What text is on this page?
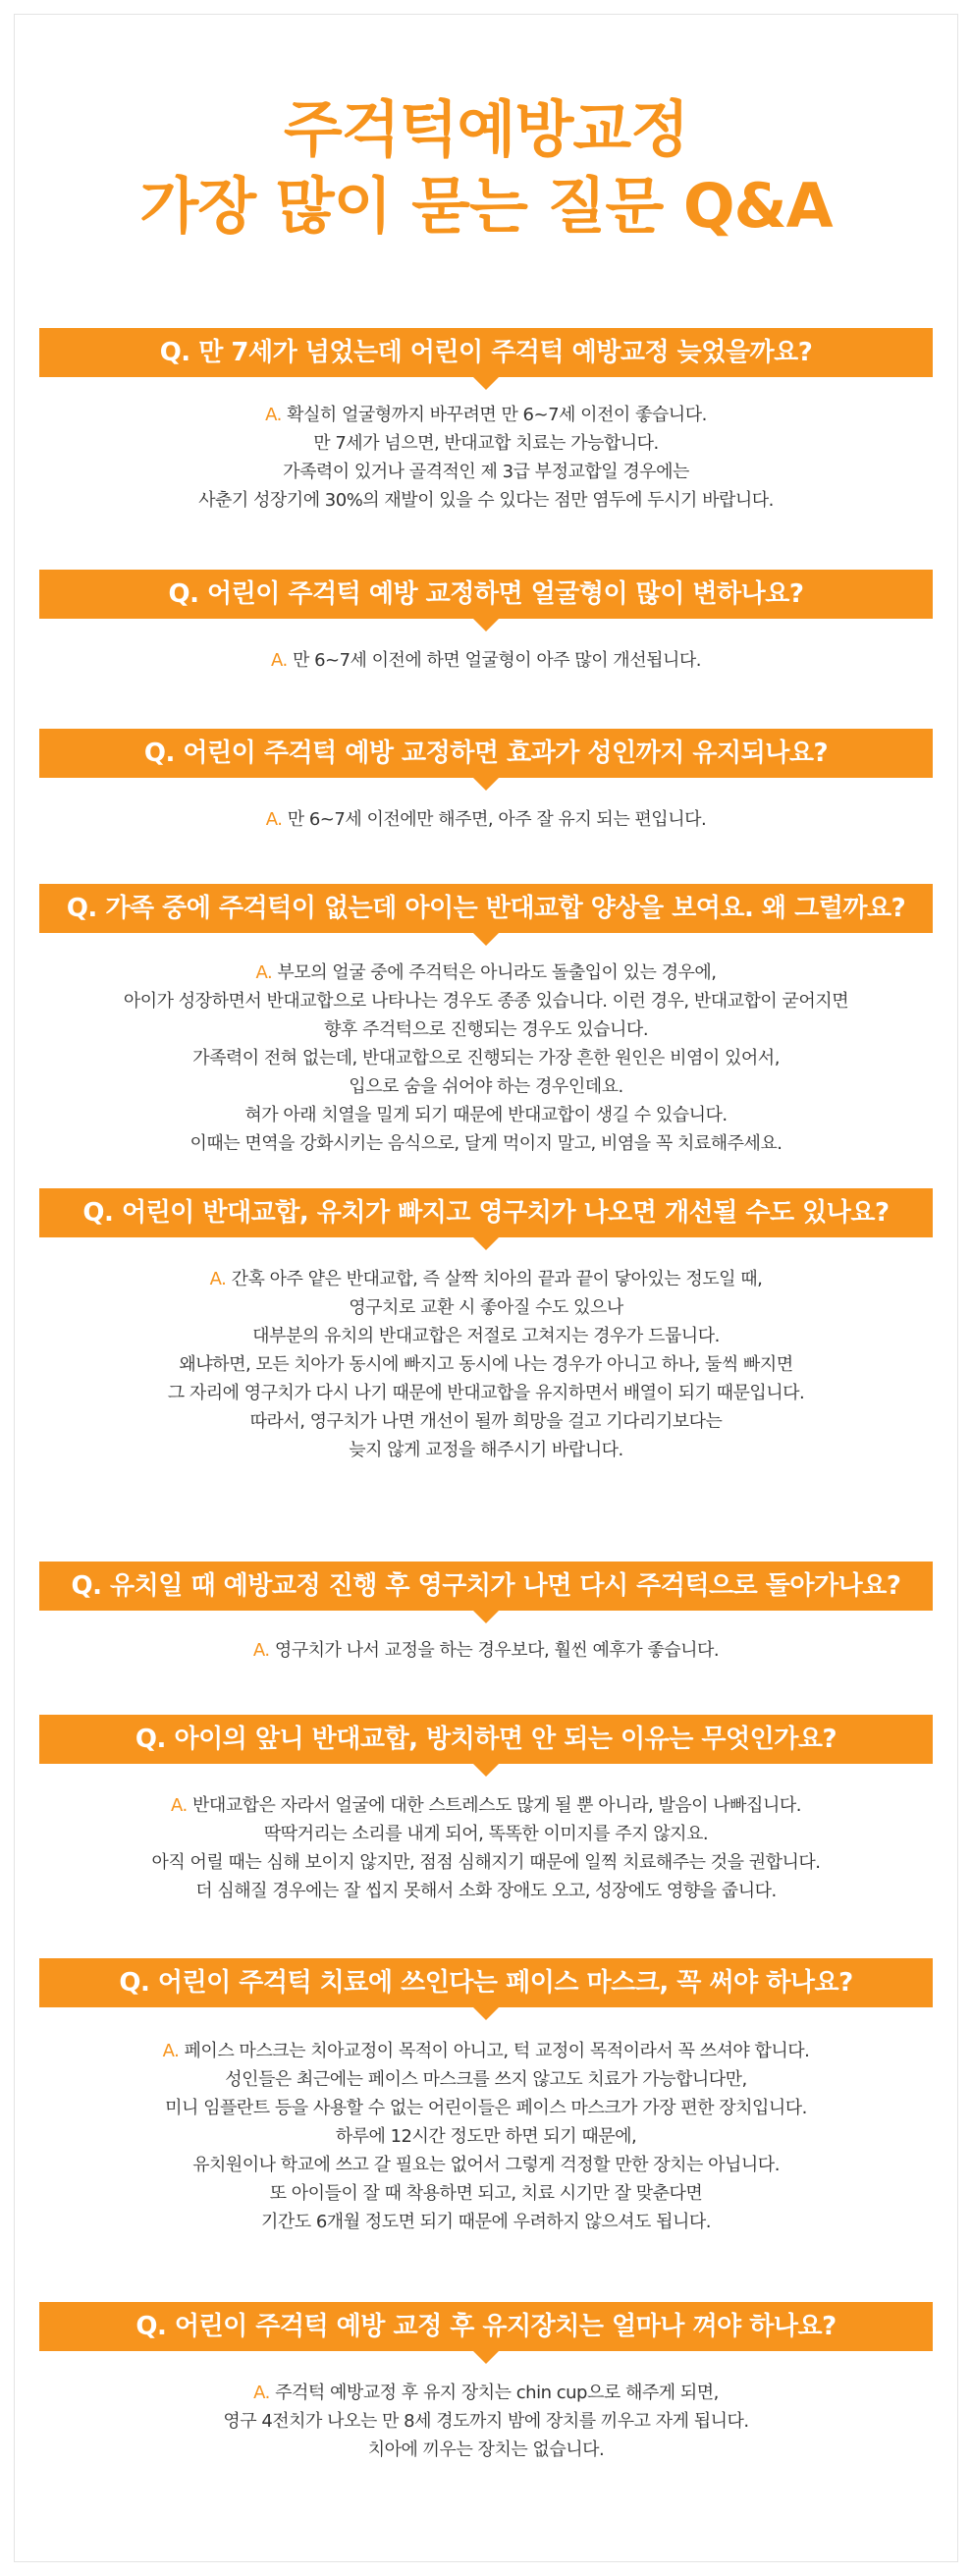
주걱턱예방교정
가장 많이 묻는 질문 Q&A
Q. 만 7세가 넘었는데 어린이 주걱턱 예방교정 늦었을까요?
A. 확실히 얼굴형까지 바꾸려면 만 6~7세 이전이 좋습니다.
만 7세가 넘으면, 반대교합 치료는 가능합니다.
가족력이 있거나 골격적인 제 3급 부정교합일 경우에는
사춘기 성장기에 30%의 재발이 있을 수 있다는 점만 염두에 두시기 바랍니다.
Q. 어린이 주걱턱 예방 교정하면 얼굴형이 많이 변하나요?
A. 만 6~7세 이전에 하면 얼굴형이 아주 많이 개선됩니다.
Q. 어린이 주걱턱 예방 교정하면 효과가 성인까지 유지되나요?
A. 만 6~7세 이전에만 해주면, 아주 잘 유지 되는 편입니다.
Q. 가족 중에 주걱턱이 없는데 아이는 반대교합 양상을 보여요. 왜 그럴까요?
A. 부모의 얼굴 중에 주걱턱은 아니라도 돌출입이 있는 경우에,
아이가 성장하면서 반대교합으로 나타나는 경우도 종종 있습니다. 이런 경우, 반대교합이 굳어지면
향후 주걱턱으로 진행되는 경우도 있습니다.
가족력이 전혀 없는데, 반대교합으로 진행되는 가장 흔한 원인은 비염이 있어서,
입으로 숨을 쉬어야 하는 경우인데요.
혀가 아래 치열을 밀게 되기 때문에 반대교합이 생길 수 있습니다.
이때는 면역을 강화시키는 음식으로, 달게 먹이지 말고, 비염을 꼭 치료해주세요.
Q. 어린이 반대교합, 유치가 빠지고 영구치가 나오면 개선될 수도 있나요?
A. 간혹 아주 얕은 반대교합, 즉 살짝 치아의 끝과 끝이 닿아있는 정도일 때,
영구치로 교환 시 좋아질 수도 있으나
대부분의 유치의 반대교합은 저절로 고쳐지는 경우가 드뭅니다.
왜냐하면, 모든 치아가 동시에 빠지고 동시에 나는 경우가 아니고 하나, 둘씩 빠지면
그 자리에 영구치가 다시 나기 때문에 반대교합을 유지하면서 배열이 되기 때문입니다.
따라서, 영구치가 나면 개선이 될까 희망을 걸고 기다리기보다는
늦지 않게 교정을 해주시기 바랍니다.
Q. 유치일 때 예방교정 진행 후 영구치가 나면 다시 주걱턱으로 돌아가나요?
A. 영구치가 나서 교정을 하는 경우보다, 훨씬 예후가 좋습니다.
Q. 아이의 앞니 반대교합, 방치하면 안 되는 이유는 무엇인가요?
A. 반대교합은 자라서 얼굴에 대한 스트레스도 많게 될 뿐 아니라, 발음이 나빠집니다.
딱딱거리는 소리를 내게 되어, 똑똑한 이미지를 주지 않지요.
아직 어릴 때는 심해 보이지 않지만, 점점 심해지기 때문에 일찍 치료해주는 것을 권합니다.
더 심해질 경우에는 잘 씹지 못해서 소화 장애도 오고, 성장에도 영향을 줍니다.
Q. 어린이 주걱턱 치료에 쓰인다는 페이스 마스크, 꼭 써야 하나요?
A. 페이스 마스크는 치아교정이 목적이 아니고, 턱 교정이 목적이라서 꼭 쓰셔야 합니다.
성인들은 최근에는 페이스 마스크를 쓰지 않고도 치료가 가능합니다만,
미니 임플란트 등을 사용할 수 없는 어린이들은 페이스 마스크가 가장 편한 장치입니다.
하루에 12시간 정도만 하면 되기 때문에,
유치원이나 학교에 쓰고 갈 필요는 없어서 그렇게 걱정할 만한 장치는 아닙니다.
또 아이들이 잘 때 착용하면 되고, 치료 시기만 잘 맞춘다면
기간도 6개월 정도면 되기 때문에 우려하지 않으셔도 됩니다.
Q. 어린이 주걱턱 예방 교정 후 유지장치는 얼마나 껴야 하나요?
A. 주걱턱 예방교정 후 유지 장치는 chin cup으로 해주게 되면,
영구 4전치가 나오는 만 8세 경도까지 밤에 장치를 끼우고 자게 됩니다.
치아에 끼우는 장치는 없습니다.
